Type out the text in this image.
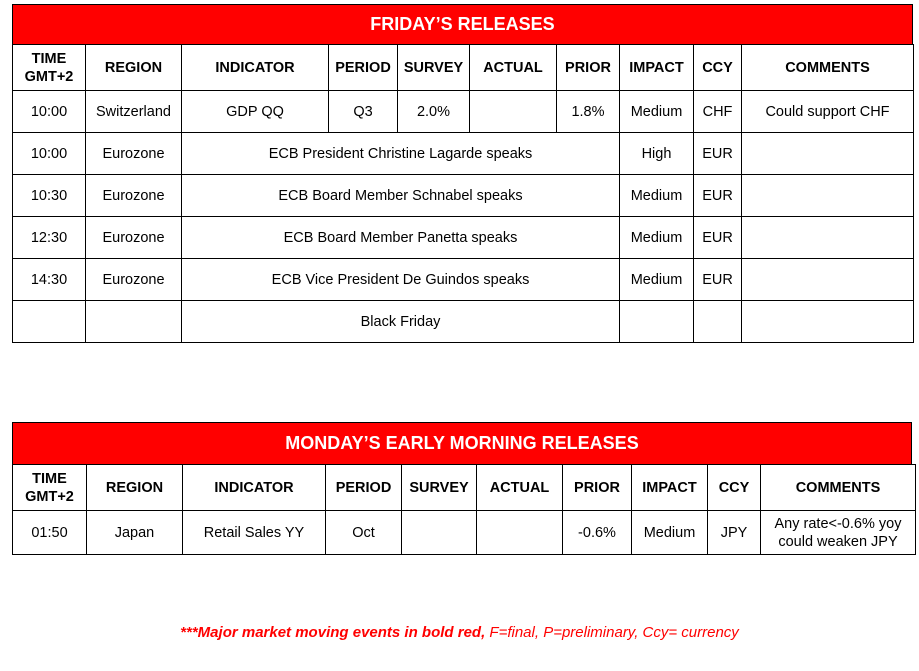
FRIDAY’S RELEASES
TIME
GMT+2	REGION	INDICATOR	PERIOD	SURVEY	ACTUAL	PRIOR	IMPACT	CCY	COMMENTS
10:00	Switzerland	GDP QQ	Q3	2.0%		1.8%	Medium	CHF	Could support CHF
10:00	Eurozone	ECB President Christine Lagarde speaks					High	EUR	
10:30	Eurozone	ECB Board Member Schnabel speaks					Medium	EUR	
12:30	Eurozone	ECB Board Member Panetta speaks					Medium	EUR	
14:30	Eurozone	ECB Vice President De Guindos speaks					Medium	EUR	
		Black Friday							
MONDAY’S EARLY MORNING RELEASES
TIME
GMT+2	REGION	INDICATOR	PERIOD	SURVEY	ACTUAL	PRIOR	IMPACT	CCY	COMMENTS
01:50	Japan	Retail Sales YY	Oct			-0.6%	Medium	JPY	Any rate<-0.6% yoy
could weaken JPY
***Major market moving events in bold red, F=final, P=preliminary, Ccy= currency
